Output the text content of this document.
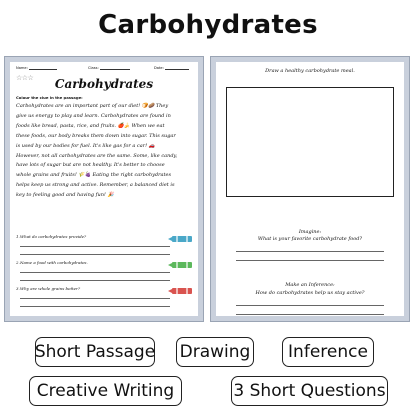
Carbohydrates
Name:	Class:	Date:
☆☆☆	Carbohydrates
Colour the clue in the passage:
Carbohydrates are an important part of our diet! 🍞🥔 They
give us energy to play and learn. Carbohydrates are found in
foods like bread, pasta, rice, and fruits. 🍎🍌 When we eat
these foods, our body breaks them down into sugar. This sugar
is used by our bodies for fuel. It's like gas for a car! 🚗
However, not all carbohydrates are the same. Some, like candy,
have lots of sugar but are not healthy. It's better to choose
whole grains and fruits! 🌾🍇 Eating the right carbohydrates
helps keep us strong and active. Remember, a balanced diet is
key to feeling good and having fun! 🎉
1. What do carbohydrates provide?
2. Name a food with carbohydrates.
3. Why are whole grains better?
Draw a healthy carbohydrate meal.
Imagine:
What is your favorite carbohydrate food?
Make an Inference:
How do carbohydrates help us stay active?
Short Passage Drawing	Inference
Creative Writing	3 Short Questions
